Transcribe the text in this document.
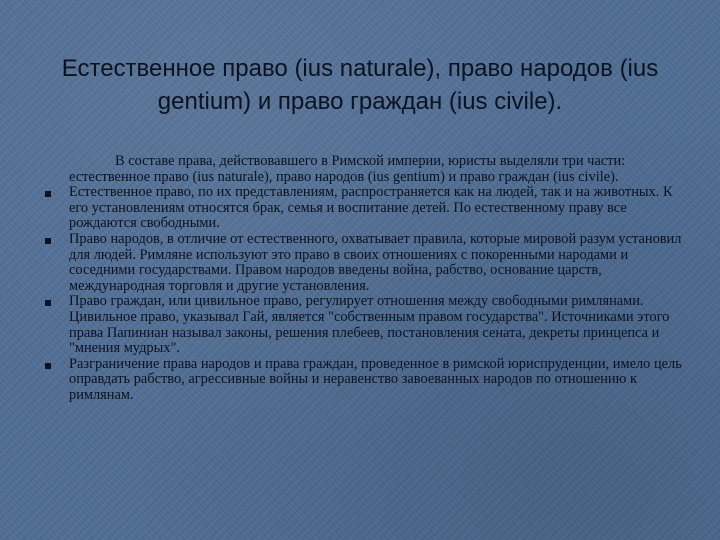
Естественное право (ius naturale), право народов (ius gentium) и право граждан (ius civile).

В составе права, действовавшего в Римской империи, юристы выделяли три части: естественное право (ius naturale), право народов (ius gentium) и право граждан (ius civile).

Естественное право, по их представлениям, распространяется как на людей, так и на животных. К его установлениям относятся брак, семья и воспитание детей. По естественному праву все рождаются свободными.
Право народов, в отличие от естественного, охватывает правила, которые мировой разум установил для людей. Римляне используют это право в своих отношениях с покоренными народами и соседними государствами. Правом народов введены война, рабство, основание царств, международная торговля и другие установления.
Право граждан, или цивильное право, регулирует отношения между свободными римлянами. Цивильное право, указывал Гай, является "собственным правом государства". Источниками этого права Папиниан называл законы, решения плебеев, постановления сената, декреты принцепса и "мнения мудрых".
Разграничение права народов и права граждан, проведенное в римской юриспруденции, имело цель оправдать рабство, агрессивные войны и неравенство завоеванных народов по отношению к римлянам.
